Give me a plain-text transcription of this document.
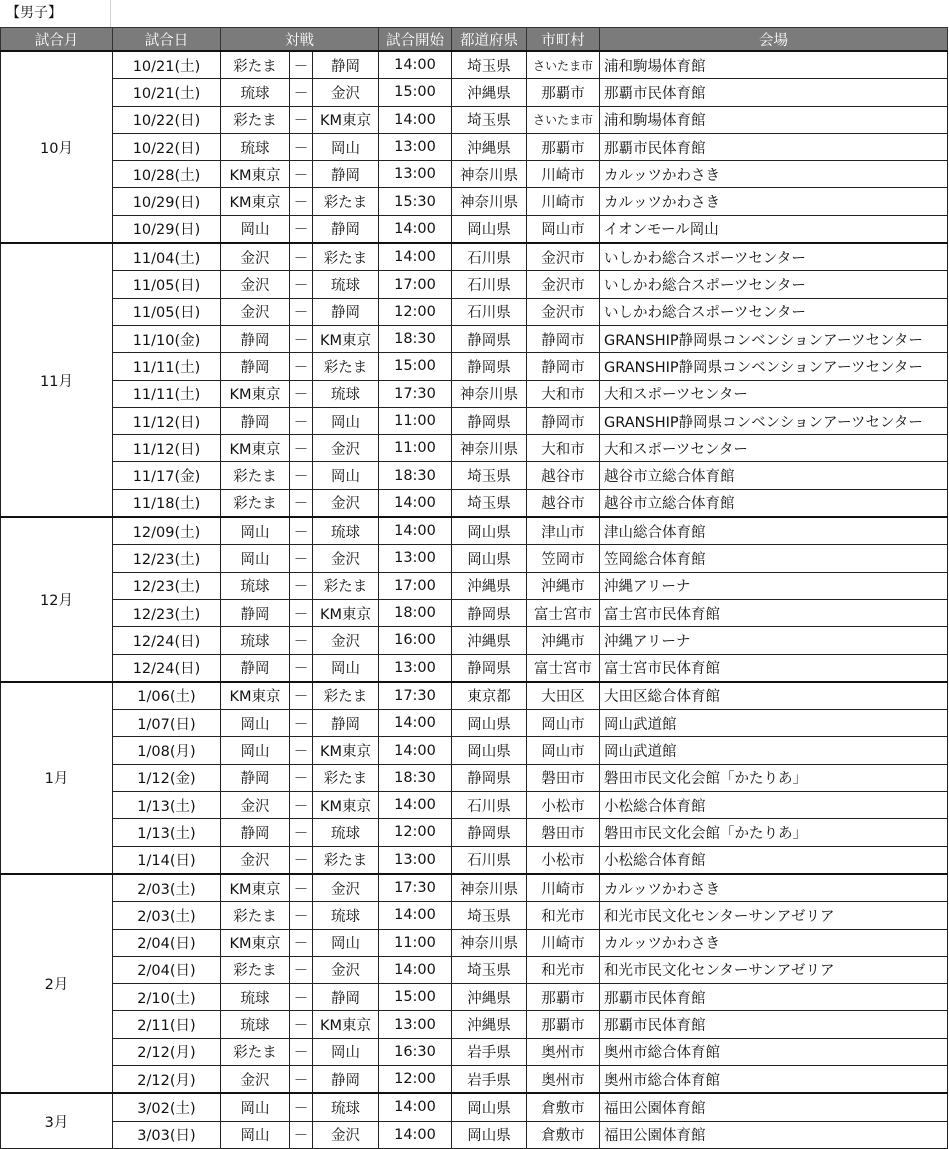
【男子】
試合月	試合日	対戦			試合開始	都道府県	市町村	会場
10月	10/21(土)	彩たま	－	静岡	14:00	埼玉県	さいたま市	浦和駒場体育館
	10/21(土)	琉球	－	金沢	15:00	沖縄県	那覇市	那覇市民体育館
	10/22(日)	彩たま	－	KM東京	14:00	埼玉県	さいたま市	浦和駒場体育館
	10/22(日)	琉球	－	岡山	13:00	沖縄県	那覇市	那覇市民体育館
	10/28(土)	KM東京	－	静岡	13:00	神奈川県	川崎市	カルッツかわさき
	10/29(日)	KM東京	－	彩たま	15:30	神奈川県	川崎市	カルッツかわさき
	10/29(日)	岡山	－	静岡	14:00	岡山県	岡山市	イオンモール岡山
11月	11/04(土)	金沢	－	彩たま	14:00	石川県	金沢市	いしかわ総合スポーツセンター
	11/05(日)	金沢	－	琉球	17:00	石川県	金沢市	いしかわ総合スポーツセンター
	11/05(日)	金沢	－	静岡	12:00	石川県	金沢市	いしかわ総合スポーツセンター
	11/10(金)	静岡	－	KM東京	18:30	静岡県	静岡市	GRANSHIP静岡県コンベンションアーツセンター
	11/11(土)	静岡	－	彩たま	15:00	静岡県	静岡市	GRANSHIP静岡県コンベンションアーツセンター
	11/11(土)	KM東京	－	琉球	17:30	神奈川県	大和市	大和スポーツセンター
	11/12(日)	静岡	－	岡山	11:00	静岡県	静岡市	GRANSHIP静岡県コンベンションアーツセンター
	11/12(日)	KM東京	－	金沢	11:00	神奈川県	大和市	大和スポーツセンター
	11/17(金)	彩たま	－	岡山	18:30	埼玉県	越谷市	越谷市立総合体育館
	11/18(土)	彩たま	－	金沢	14:00	埼玉県	越谷市	越谷市立総合体育館
12月	12/09(土)	岡山	－	琉球	14:00	岡山県	津山市	津山総合体育館
	12/23(土)	岡山	－	金沢	13:00	岡山県	笠岡市	笠岡総合体育館
	12/23(土)	琉球	－	彩たま	17:00	沖縄県	沖縄市	沖縄アリーナ
	12/23(土)	静岡	－	KM東京	18:00	静岡県	富士宮市	富士宮市民体育館
	12/24(日)	琉球	－	金沢	16:00	沖縄県	沖縄市	沖縄アリーナ
	12/24(日)	静岡	－	岡山	13:00	静岡県	富士宮市	富士宮市民体育館
1月	1/06(土)	KM東京	－	彩たま	17:30	東京都	大田区	大田区総合体育館
	1/07(日)	岡山	－	静岡	14:00	岡山県	岡山市	岡山武道館
	1/08(月)	岡山	－	KM東京	14:00	岡山県	岡山市	岡山武道館
	1/12(金)	静岡	－	彩たま	18:30	静岡県	磐田市	磐田市民文化会館「かたりあ」
	1/13(土)	金沢	－	KM東京	14:00	石川県	小松市	小松総合体育館
	1/13(土)	静岡	－	琉球	12:00	静岡県	磐田市	磐田市民文化会館「かたりあ」
	1/14(日)	金沢	－	彩たま	13:00	石川県	小松市	小松総合体育館
2月	2/03(土)	KM東京	－	金沢	17:30	神奈川県	川崎市	カルッツかわさき
	2/03(土)	彩たま	－	琉球	14:00	埼玉県	和光市	和光市民文化センターサンアゼリア
	2/04(日)	KM東京	－	岡山	11:00	神奈川県	川崎市	カルッツかわさき
	2/04(日)	彩たま	－	金沢	14:00	埼玉県	和光市	和光市民文化センターサンアゼリア
	2/10(土)	琉球	－	静岡	15:00	沖縄県	那覇市	那覇市民体育館
	2/11(日)	琉球	－	KM東京	13:00	沖縄県	那覇市	那覇市民体育館
	2/12(月)	彩たま	－	岡山	16:30	岩手県	奥州市	奥州市総合体育館
	2/12(月)	金沢	－	静岡	12:00	岩手県	奥州市	奥州市総合体育館
3月	3/02(土)	岡山	－	琉球	14:00	岡山県	倉敷市	福田公園体育館
	3/03(日)	岡山	－	金沢	14:00	岡山県	倉敷市	福田公園体育館
